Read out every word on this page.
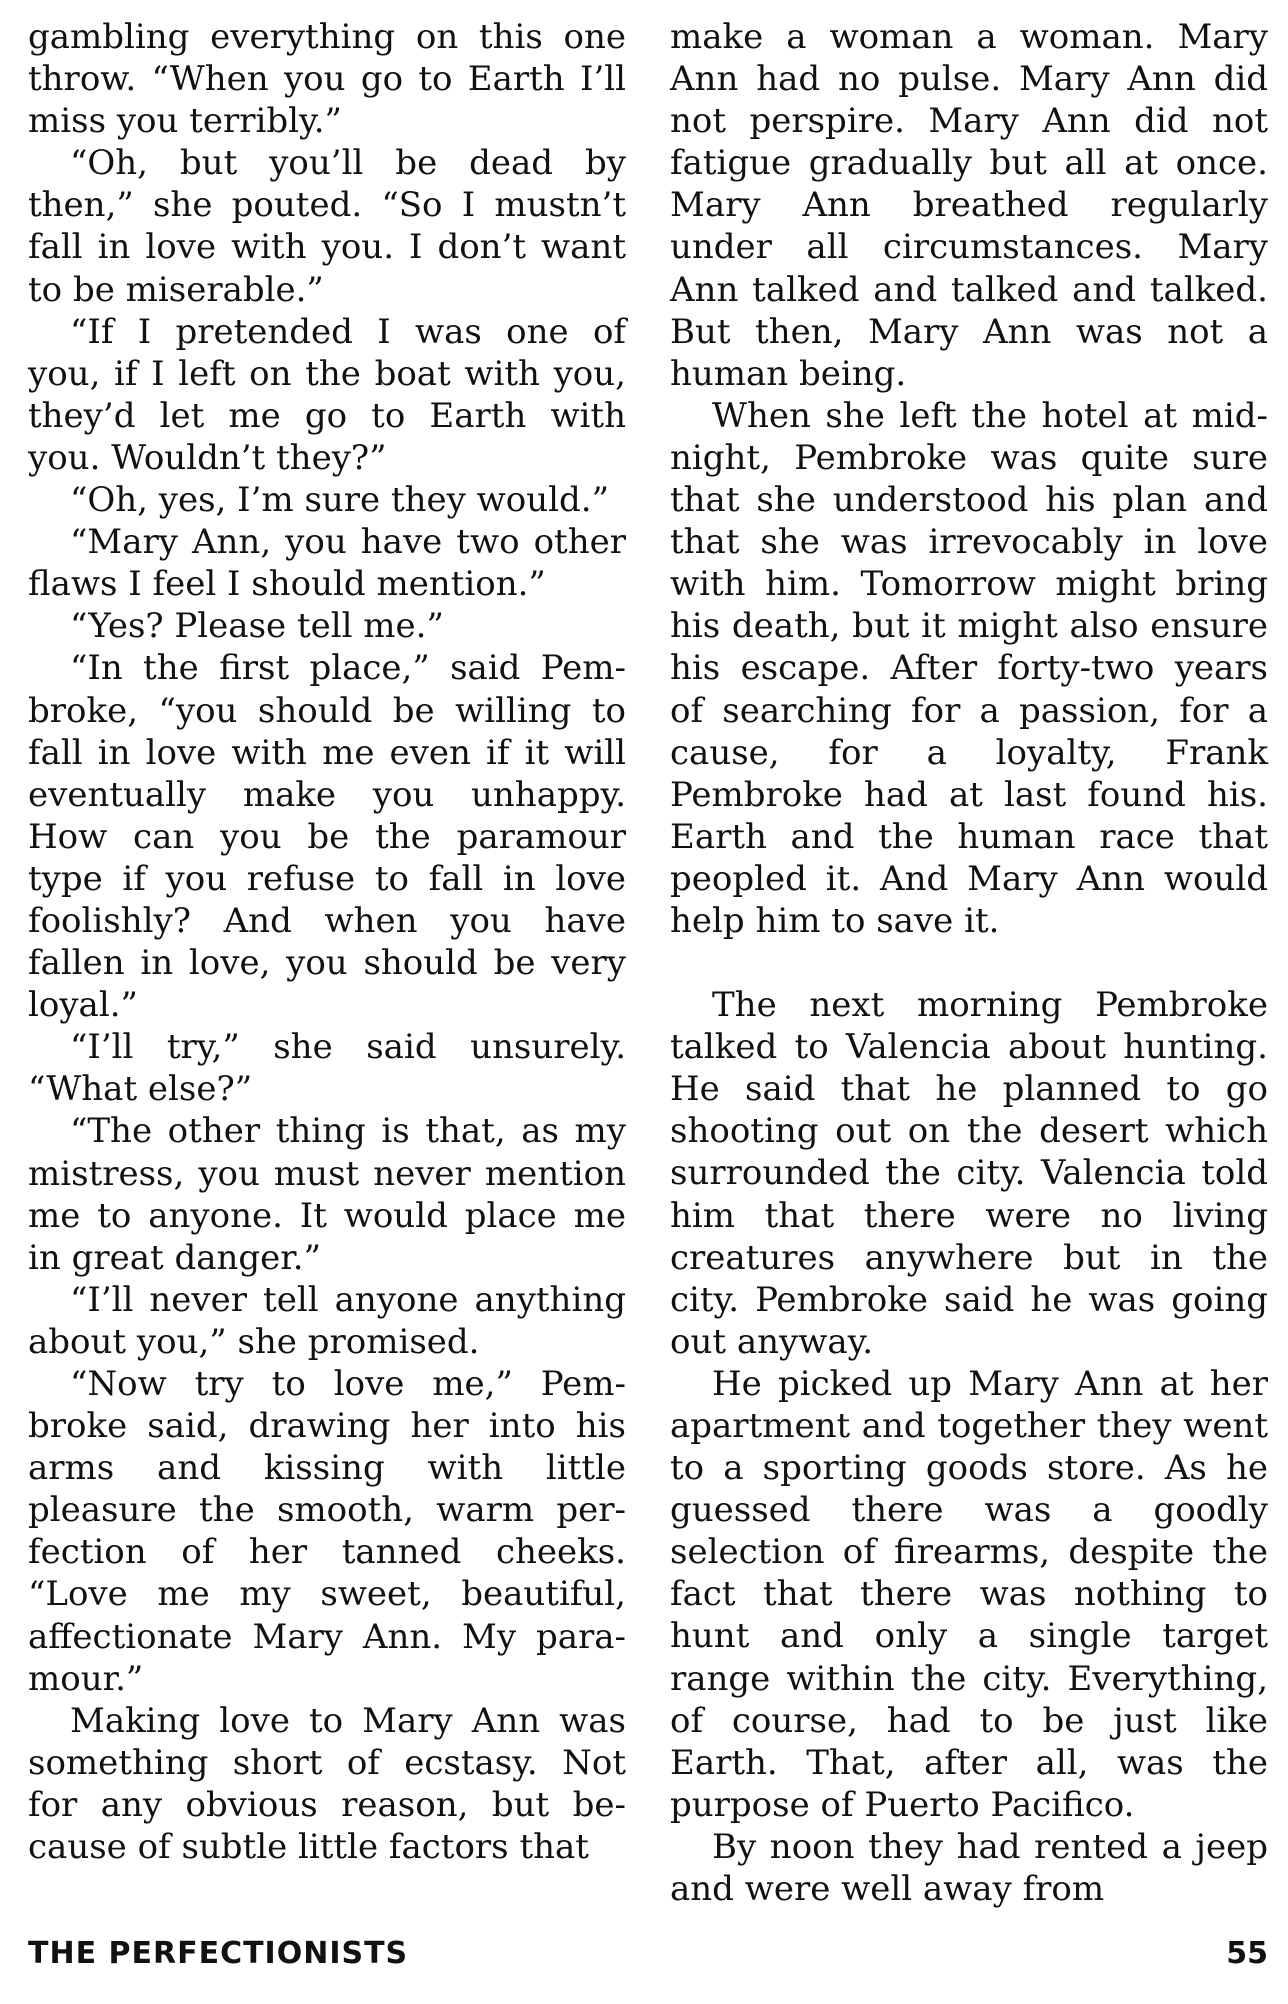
gambling everything on this one throw. “When you go to Earth I’ll miss you terribly.”

“Oh, but you’ll be dead by then,” she pouted. “So I mustn’t fall in love with you. I don’t want to be miserable.”

“If I pretended I was one of you, if I left on the boat with you, they’d let me go to Earth with you. Wouldn’t they?”

“Oh, yes, I’m sure they would.”

“Mary Ann, you have two other flaws I feel I should mention.”

“Yes? Please tell me.”

“In the first place,” said Pembroke, “you should be willing to fall in love with me even if it will eventually make you unhappy. How can you be the paramour type if you refuse to fall in love foolishly? And when you have fallen in love, you should be very loyal.”

“I’ll try,” she said unsurely. “What else?”

“The other thing is that, as my mistress, you must never mention me to anyone. It would place me in great danger.”

“I’ll never tell anyone anything about you,” she promised.

“Now try to love me,” Pembroke said, drawing her into his arms and kissing with little pleasure the smooth, warm perfection of her tanned cheeks. “Love me my sweet, beautiful, affectionate Mary Ann. My paramour.”

Making love to Mary Ann was something short of ecstasy. Not for any obvious reason, but because of subtle little factors that

make a woman a woman. Mary Ann had no pulse. Mary Ann did not perspire. Mary Ann did not fatigue gradually but all at once. Mary Ann breathed regularly under all circumstances. Mary Ann talked and talked and talked. But then, Mary Ann was not a human being.

When she left the hotel at midnight, Pembroke was quite sure that she understood his plan and that she was irrevocably in love with him. Tomorrow might bring his death, but it might also ensure his escape. After forty-two years of searching for a passion, for a cause, for a loyalty, Frank Pembroke had at last found his. Earth and the human race that peopled it. And Mary Ann would help him to save it.

The next morning Pembroke talked to Valencia about hunting. He said that he planned to go shooting out on the desert which surrounded the city. Valencia told him that there were no living creatures anywhere but in the city. Pembroke said he was going out anyway.

He picked up Mary Ann at her apartment and together they went to a sporting goods store. As he guessed there was a goodly selection of firearms, despite the fact that there was nothing to hunt and only a single target range within the city. Everything, of course, had to be just like Earth. That, after all, was the purpose of Puerto Pacifico.

By noon they had rented a jeep and were well away from

THE PERFECTIONISTS	55
